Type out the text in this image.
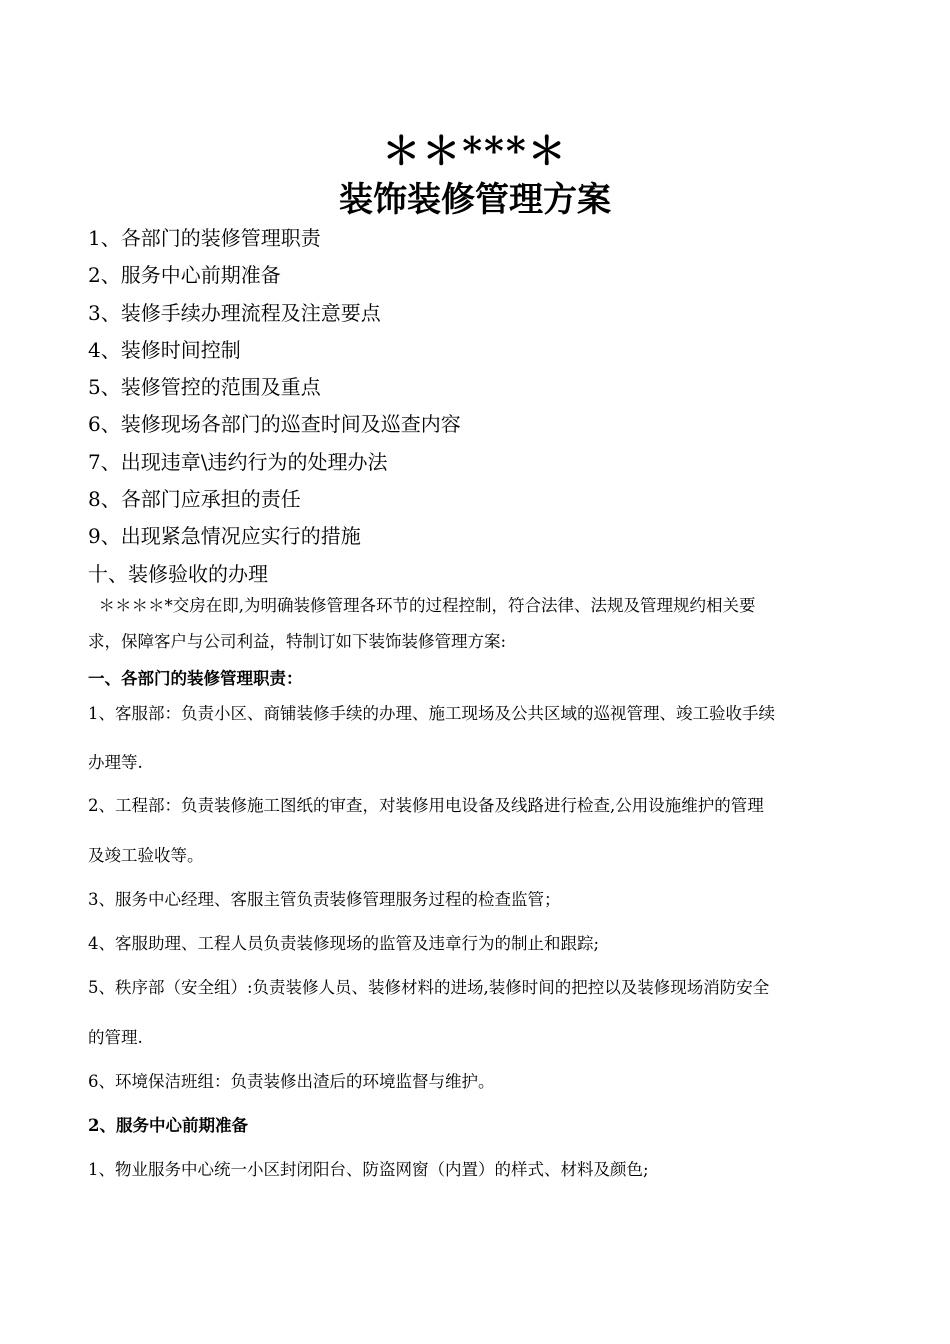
＊＊***＊
装饰装修管理方案
1、各部门的装修管理职责
2、服务中心前期准备
3、装修手续办理流程及注意要点
4、装修时间控制
5、装修管控的范围及重点
6、装修现场各部门的巡查时间及巡查内容
7、出现违章\违约行为的处理办法
8、各部门应承担的责任
9、出现紧急情况应实行的措施
十、装修验收的办理
＊＊＊＊*交房在即,为明确装修管理各环节的过程控制，符合法律、法规及管理规约相关要
求，保障客户与公司利益，特制订如下装饰装修管理方案:
一、各部门的装修管理职责：
1、客服部：负责小区、商铺装修手续的办理、施工现场及公共区域的巡视管理、竣工验收手续
办理等.
2、工程部：负责装修施工图纸的审查，对装修用电设备及线路进行检查,公用设施维护的管理
及竣工验收等。
3、服务中心经理、客服主管负责装修管理服务过程的检查监管；
4、客服助理、工程人员负责装修现场的监管及违章行为的制止和跟踪;
5、秩序部（安全组）:负责装修人员、装修材料的进场,装修时间的把控以及装修现场消防安全
的管理.
6、环境保洁班组：负责装修出渣后的环境监督与维护。
2、服务中心前期准备
1、物业服务中心统一小区封闭阳台、防盗网窗（内置）的样式、材料及颜色;
